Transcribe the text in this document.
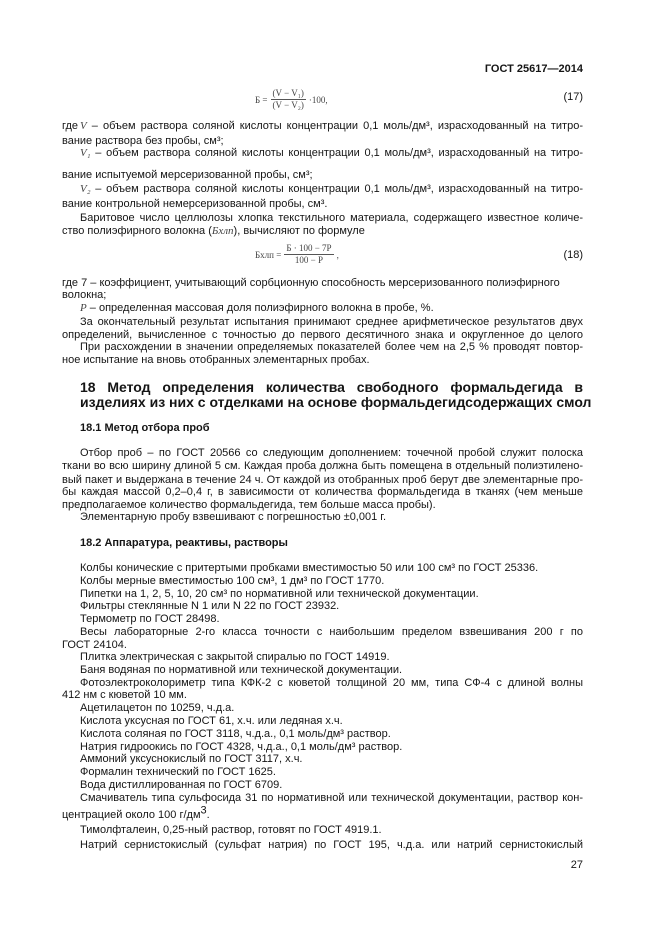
ГОСТ 25617—2014
$Б = \frac{\text{(V − V₁)}}{\text{(V − V₂)}} \cdot 100$,	(17)
где V – объем раствора соляной кислоты концентрации 0,1 моль/дм³, израсходованный на титро-
вание раствора без пробы, см³;
V₁ – объем раствора соляной кислоты концентрации 0,1 моль/дм³, израсходованный на титро-
вание испытуемой мерсеризованной пробы, см³;
V₂ – объем раствора соляной кислоты концентрации 0,1 моль/дм³, израсходованный на титро-
вание контрольной немерсеризованной пробы, см³.
Баритовое число целлюлозы хлопка текстильного материала, содержащего известное количе-
ство полиэфирного волокна (Бхлп), вычисляют по формуле
Бхлп = $\frac{Б \cdot 100 - 7P}{100 - P}$ ,	(18)
где 7 – коэффициент, учитывающий сорбционную способность мерсеризованного полиэфирного
волокна;
P – определенная массовая доля полиэфирного волокна в пробе, %.
За окончательный результат испытания принимают среднее арифметическое результатов двух
определений, вычисленное с точностью до первого десятичного знака и округленное до целого
При расхождении в значении определяемых показателей более чем на 2,5 % проводят повтор-
ное испытание на вновь отобранных элементарных пробах.
18 Метод определения количества свободного формальдегида в
изделиях из них с отделками на основе формальдегидсодержащих смол
18.1 Метод отбора проб
Отбор проб – по ГОСТ 20566 со следующим дополнением: точечной пробой служит полоска
ткани во всю ширину длиной 5 см. Каждая проба должна быть помещена в отдельный полиэтилено-
вый пакет и выдержана в течение 24 ч. От каждой из отобранных проб берут две элементарные про-
бы каждая массой 0,2–0,4 г, в зависимости от количества формальдегида в тканях (чем меньше
предполагаемое количество формальдегида, тем больше масса пробы).
Элементарную пробу взвешивают с погрешностью ±0,001 г.
18.2 Аппаратура, реактивы, растворы
Колбы конические с притертыми пробками вместимостью 50 или 100 см³ по ГОСТ 25336.
Колбы мерные вместимостью 100 см³, 1 дм³ по ГОСТ 1770.
Пипетки на 1, 2, 5, 10, 20 см³ по нормативной или технической документации.
Фильтры стеклянные N 1 или N 22 по ГОСТ 23932.
Термометр по ГОСТ 28498.
Весы лабораторные 2-го класса точности с наибольшим пределом взвешивания 200 г по
ГОСТ 24104.
Плитка электрическая с закрытой спиралью по ГОСТ 14919.
Баня водяная по нормативной или технической документации.
Фотоэлектроколориметр типа КФК-2 с кюветой толщиной 20 мм, типа СФ-4 с длиной волны
412 нм с кюветой 10 мм.
Ацетилацетон по 10259, ч.д.а.
Кислота уксусная по ГОСТ 61, х.ч. или ледяная х.ч.
Кислота соляная по ГОСТ 3118, ч.д.а., 0,1 моль/дм³ раствор.
Натрия гидроокись по ГОСТ 4328, ч.д.а., 0,1 моль/дм³ раствор.
Аммоний уксуснокислый по ГОСТ 3117, х.ч.
Формалин технический по ГОСТ 1625.
Вода дистиллированная по ГОСТ 6709.
Смачиватель типа сульфосида 31 по нормативной или технической документации, раствор кон-
центрацией около 100 $г/дм^3$.
Тимолфталеин, 0,25-ный раствор, готовят по ГОСТ 4919.1.
Натрий сернистокислый (сульфат натрия) по ГОСТ 195, ч.д.а. или натрий сернистокислый
27
